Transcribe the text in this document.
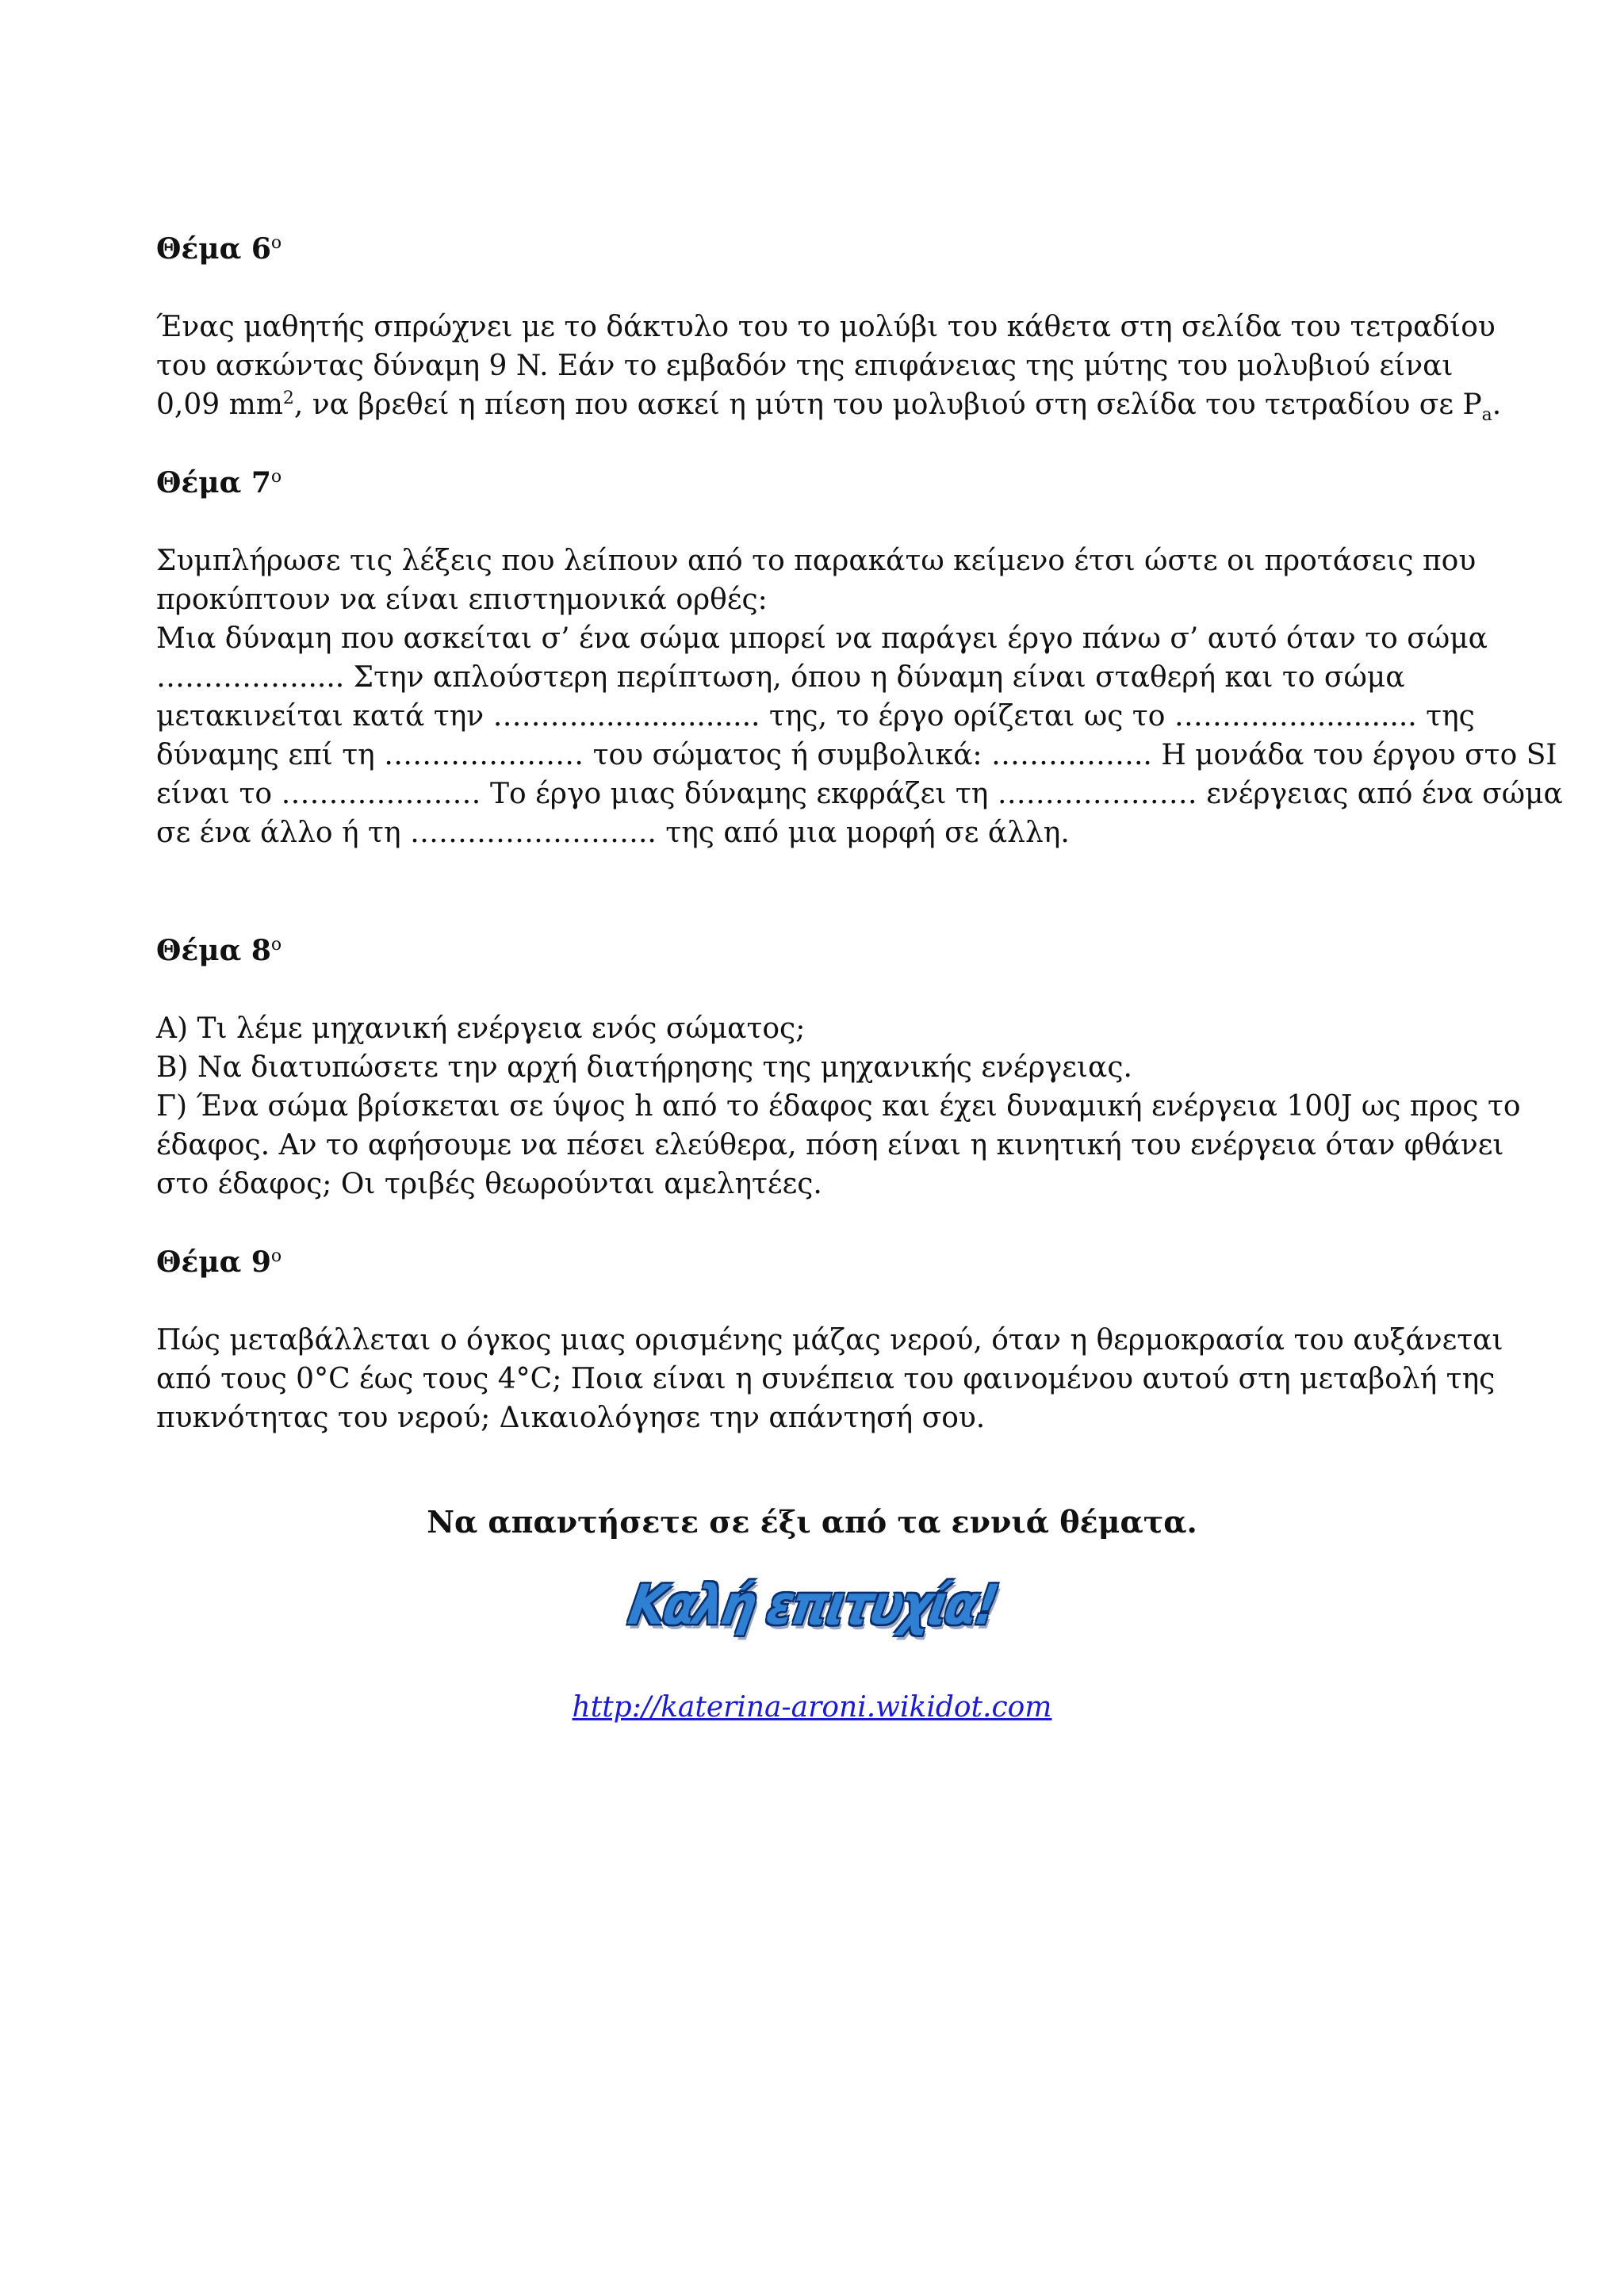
Θέμα $6^o$

Ένας μαθητής σπρώχνει με το δάκτυλο του το μολύβι του κάθετα στη σελίδα του τετραδίου
του ασκώντας δύναμη 9 N. Εάν το εμβαδόν της επιφάνειας της μύτης του μολυβιού είναι
0,09 $mm^2$, να βρεθεί η πίεση που ασκεί η μύτη του μολυβιού στη σελίδα του τετραδίου σε $P_a$.

Θέμα $7^o$

Συμπλήρωσε τις λέξεις που λείπουν από το παρακάτω κείμενο έτσι ώστε οι προτάσεις που
προκύπτουν να είναι επιστημονικά ορθές:
Μια δύναμη που ασκείται σ’ ένα σώμα μπορεί να παράγει έργο πάνω σ’ αυτό όταν το σώμα
……………..... Στην απλούστερη περίπτωση, όπου η δύναμη είναι σταθερή και το σώμα
μετακινείται κατά την ……….................... της, το έργο ορίζεται ως το ……………........... της
δύναμης επί τη ………………… του σώματος ή συμβολικά: …………….. Η μονάδα του έργου στο SI
είναι το ………………… Το έργο μιας δύναμης εκφράζει τη ………………… ενέργειας από ένα σώμα
σε ένα άλλο ή τη …………………….. της από μια μορφή σε άλλη.

Θέμα $8^o$

Α) Τι λέμε μηχανική ενέργεια ενός σώματος;
Β) Να διατυπώσετε την αρχή διατήρησης της μηχανικής ενέργειας.
Γ) Ένα σώμα βρίσκεται σε ύψος h από το έδαφος και έχει δυναμική ενέργεια 100J ως προς το
έδαφος. Αν το αφήσουμε να πέσει ελεύθερα, πόση είναι η κινητική του ενέργεια όταν φθάνει
στο έδαφος; Οι τριβές θεωρούνται αμελητέες.

Θέμα $9^o$

Πώς μεταβάλλεται ο όγκος μιας ορισμένης μάζας νερού, όταν η θερμοκρασία του αυξάνεται
από τους 0°C έως τους 4°C; Ποια είναι η συνέπεια του φαινομένου αυτού στη μεταβολή της
πυκνότητας του νερού; Δικαιολόγησε την απάντησή σου.

Να απαντήσετε σε έξι από τα εννιά θέματα.
Καλή επιτυχία!
http://katerina-aroni.wikidot.com
